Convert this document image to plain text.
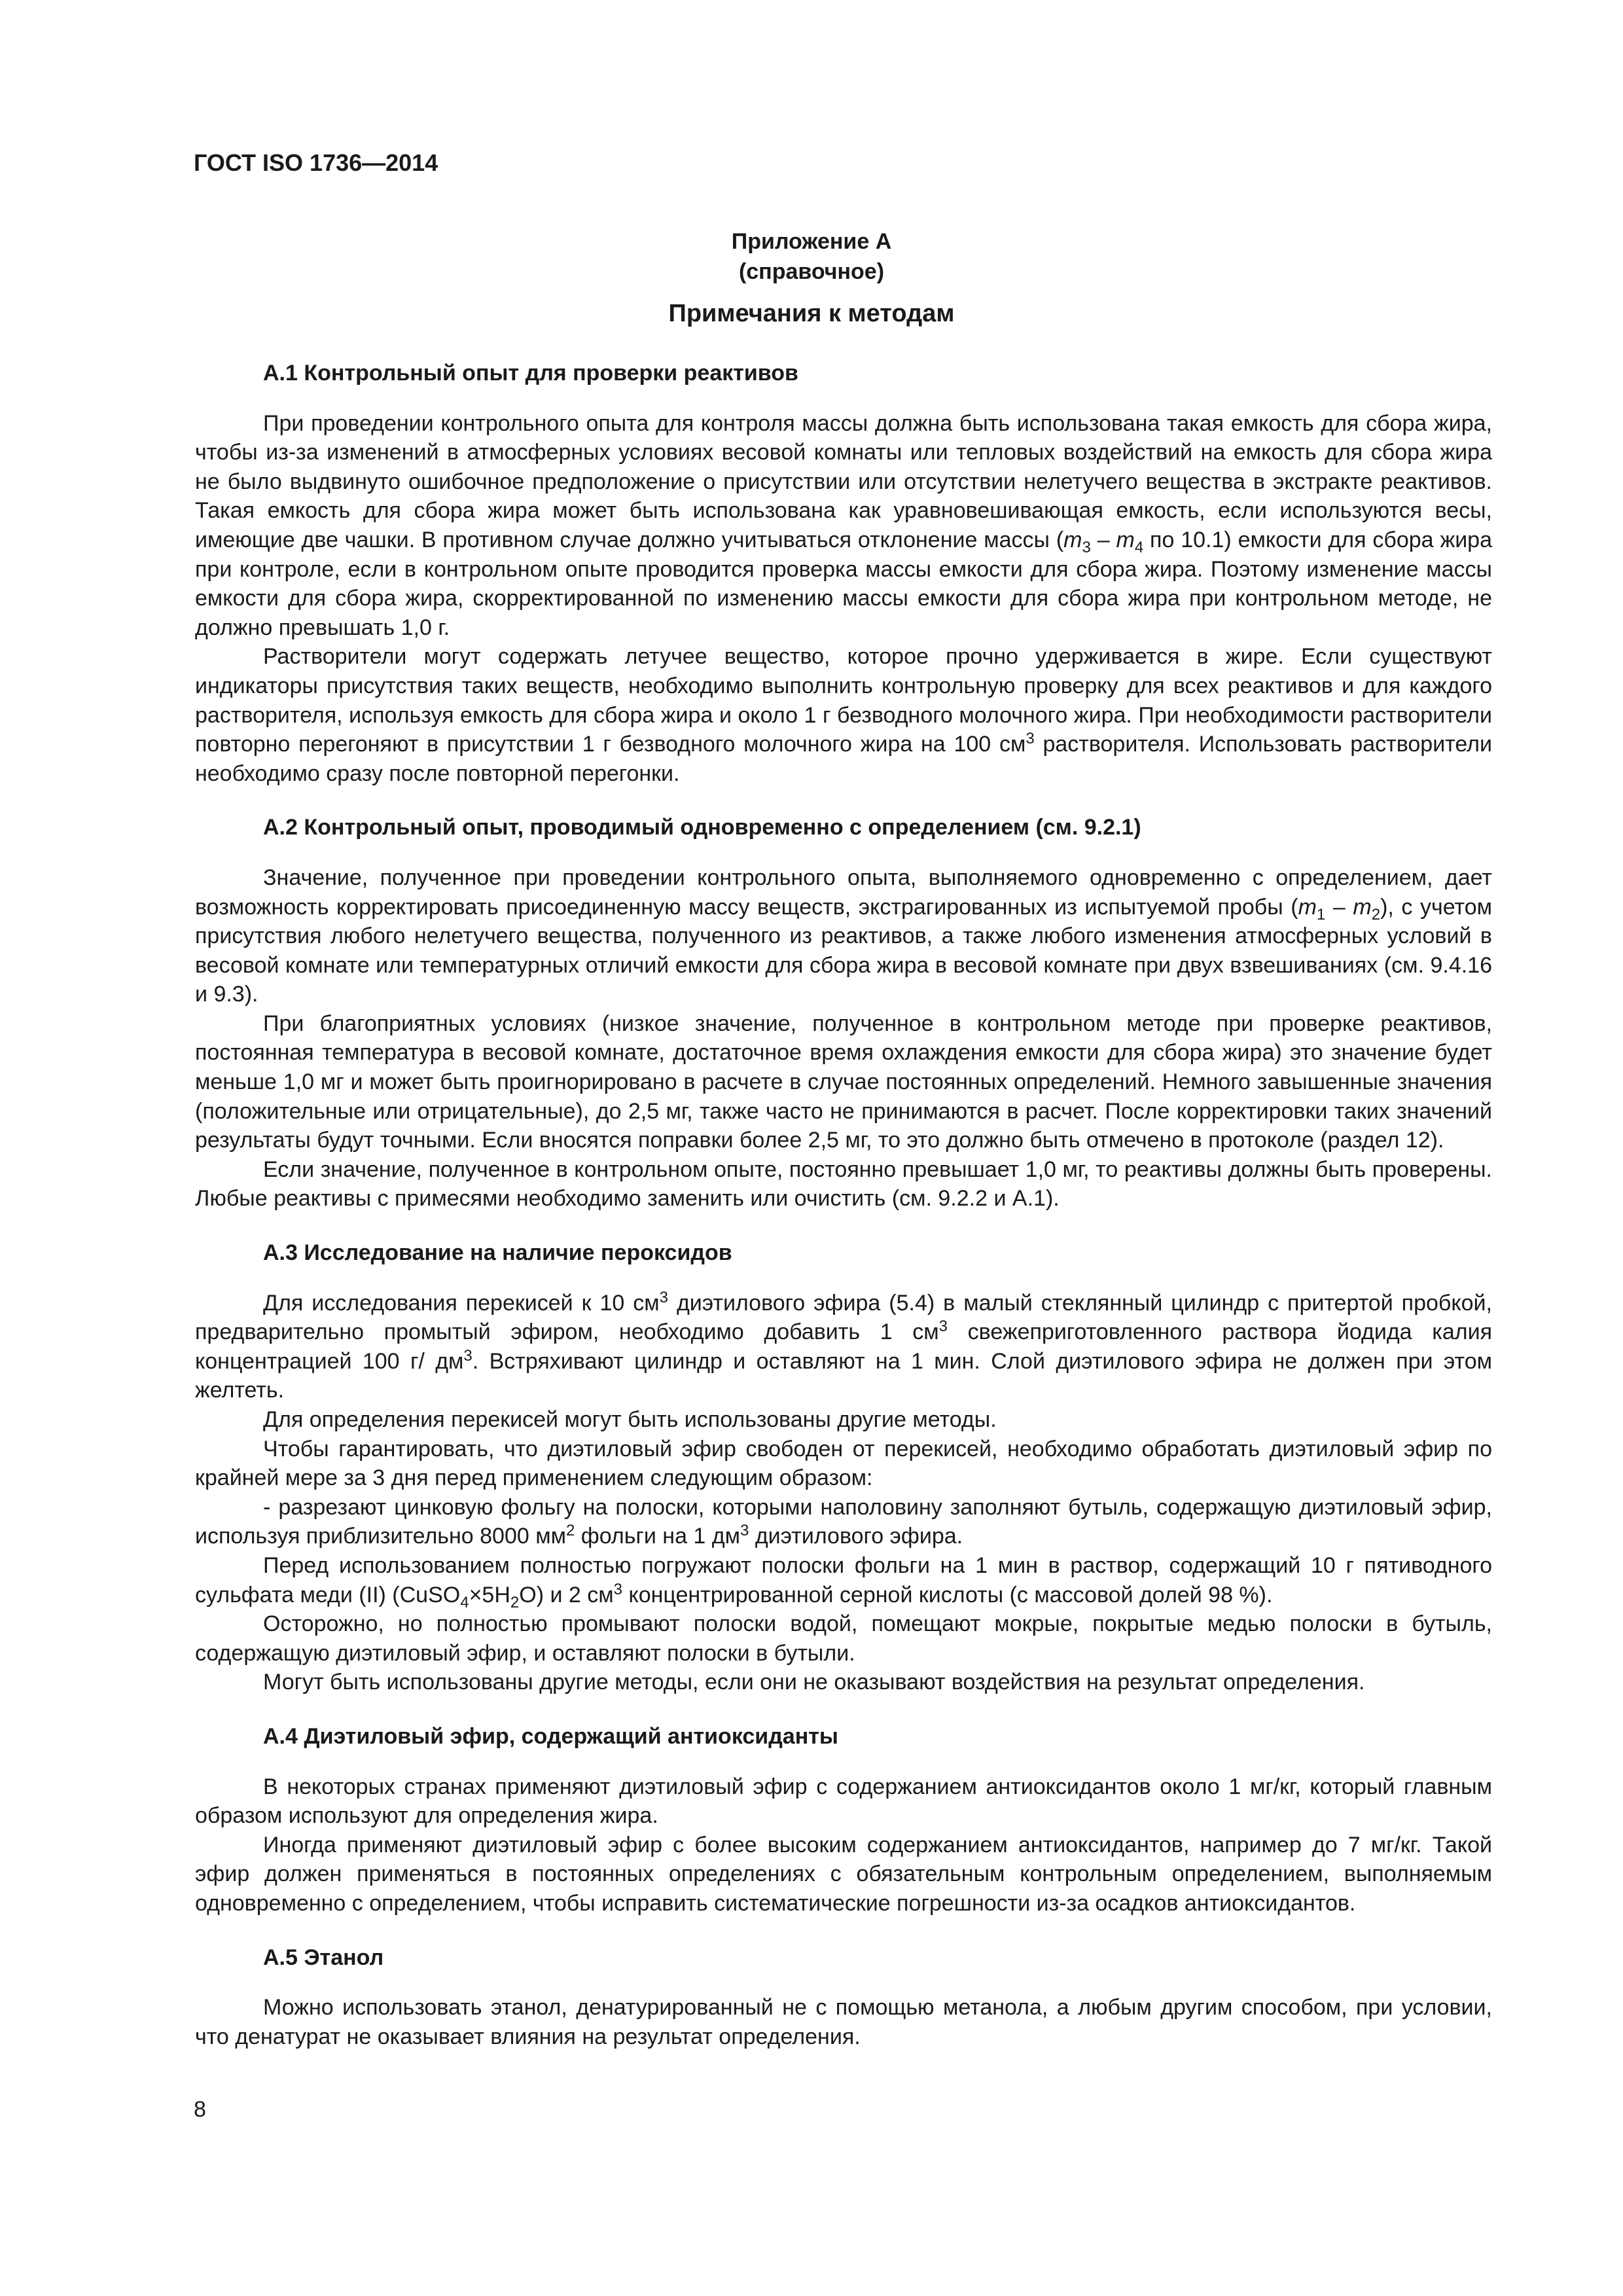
ГОСТ ISO 1736—2014
Приложение А
(справочное)
Примечания к методам
А.1 Контрольный опыт для проверки реактивов

При проведении контрольного опыта для контроля массы должна быть использована такая емкость для сбора жира, чтобы из-за изменений в атмосферных условиях весовой комнаты или тепловых воздействий на емкость для сбора жира не было выдвинуто ошибочное предположение о присутствии или отсутствии нелетучего вещества в экстракте реактивов. Такая емкость для сбора жира может быть использована как уравновешивающая емкость, если используются весы, имеющие две чашки. В противном случае должно учитываться отклонение массы ($m_3 - m_4$ по 10.1) емкости для сбора жира при контроле, если в контрольном опыте проводится проверка массы емкости для сбора жира. Поэтому изменение массы емкости для сбора жира, скорректированной по изменению массы емкости для сбора жира при контрольном методе, не должно превышать 1,0 г.

Растворители могут содержать летучее вещество, которое прочно удерживается в жире. Если существуют индикаторы присутствия таких веществ, необходимо выполнить контрольную проверку для всех реактивов и для каждого растворителя, используя емкость для сбора жира и около 1 г безводного молочного жира. При необходимости растворители повторно перегоняют в присутствии 1 г безводного молочного жира на 100 $см^3$ растворителя. Использовать растворители необходимо сразу после повторной перегонки.

А.2 Контрольный опыт, проводимый одновременно с определением (см. 9.2.1)

Значение, полученное при проведении контрольного опыта, выполняемого одновременно с определением, дает возможность корректировать присоединенную массу веществ, экстрагированных из испытуемой пробы $(m_1 - m_2)$, с учетом присутствия любого нелетучего вещества, полученного из реактивов, а также любого изменения атмосферных условий в весовой комнате или температурных отличий емкости для сбора жира в весовой комнате при двух взвешиваниях (см. 9.4.16 и 9.3).

При благоприятных условиях (низкое значение, полученное в контрольном методе при проверке реактивов, постоянная температура в весовой комнате, достаточное время охлаждения емкости для сбора жира) это значение будет меньше 1,0 мг и может быть проигнорировано в расчете в случае постоянных определений. Немного завышенные значения (положительные или отрицательные), до 2,5 мг, также часто не принимаются в расчет. После корректировки таких значений результаты будут точными. Если вносятся поправки более 2,5 мг, то это должно быть отмечено в протоколе (раздел 12).

Если значение, полученное в контрольном опыте, постоянно превышает 1,0 мг, то реактивы должны быть проверены. Любые реактивы с примесями необходимо заменить или очистить (см. 9.2.2 и А.1).

А.3 Исследование на наличие пероксидов

Для исследования перекисей к 10 $см^3$ диэтилового эфира (5.4) в малый стеклянный цилиндр с притертой пробкой, предварительно промытый эфиром, необходимо добавить 1 $см^3$ свежеприготовленного раствора йодида калия концентрацией 100 г/ $дм^3$. Встряхивают цилиндр и оставляют на 1 мин. Слой диэтилового эфира не должен при этом желтеть.

Для определения перекисей могут быть использованы другие методы.

Чтобы гарантировать, что диэтиловый эфир свободен от перекисей, необходимо обработать диэтиловый эфир по крайней мере за 3 дня перед применением следующим образом:

- разрезают цинковую фольгу на полоски, которыми наполовину заполняют бутыль, содержащую диэтиловый эфир, используя приблизительно 8000 $мм^2$ фольги на 1 $дм^3$ диэтилового эфира.

Перед использованием полностью погружают полоски фольги на 1 мин в раствор, содержащий 10 г пятиводного сульфата меди (II) $(CuSO_4\times 5H_2O)$ и 2 $см^3$ концентрированной серной кислоты (с массовой долей 98 %).

Осторожно, но полностью промывают полоски водой, помещают мокрые, покрытые медью полоски в бутыль, содержащую диэтиловый эфир, и оставляют полоски в бутыли.

Могут быть использованы другие методы, если они не оказывают воздействия на результат определения.

А.4 Диэтиловый эфир, содержащий антиоксиданты

В некоторых странах применяют диэтиловый эфир с содержанием антиоксидантов около 1 мг/кг, который главным образом используют для определения жира.

Иногда применяют диэтиловый эфир с более высоким содержанием антиоксидантов, например до 7 мг/кг. Такой эфир должен применяться в постоянных определениях с обязательным контрольным определением, выполняемым одновременно с определением, чтобы исправить систематические погрешности из-за осадков антиоксидантов.

А.5 Этанол

Можно использовать этанол, денатурированный не с помощью метанола, а любым другим способом, при условии, что денатурат не оказывает влияния на результат определения.

8
